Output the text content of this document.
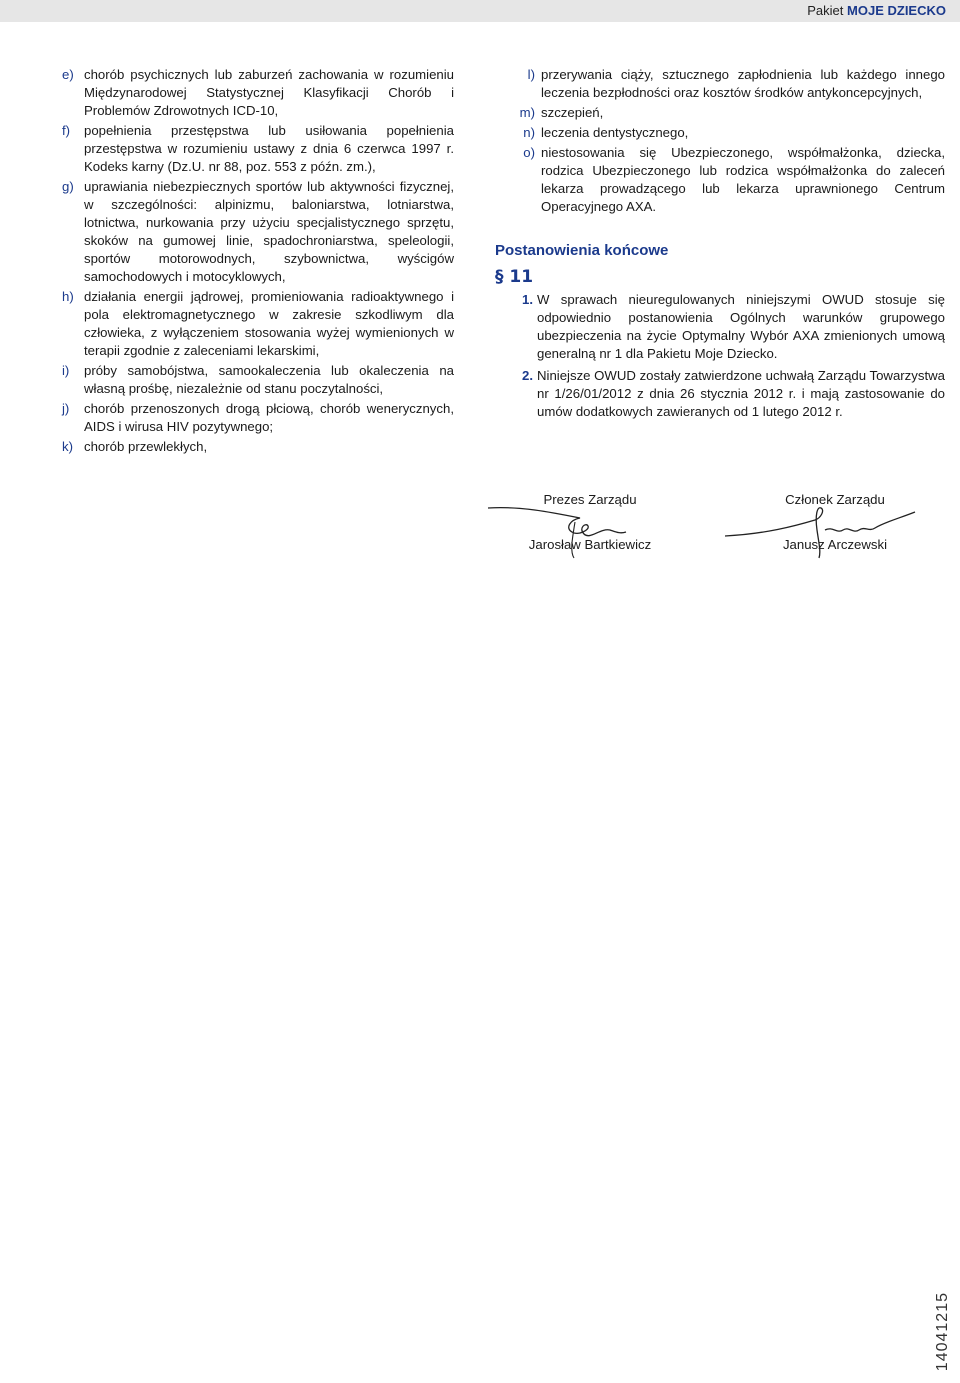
Pakiet MOJE DZIECKO
e) chorób psychicznych lub zaburzeń zachowania w rozumieniu Międzynarodowej Statystycznej Klasyfikacji Chorób i Problemów Zdrowotnych ICD-10,
f)	popełnienia przestępstwa lub usiłowania popełnienia przestępstwa w rozumieniu ustawy z dnia 6 czerwca 1997 r. Kodeks karny (Dz.U. nr 88, poz. 553 z późn. zm.),
g) uprawiania niebezpiecznych sportów lub aktywności fizycznej, w szczególności: alpinizmu, baloniarstwa, lotniarstwa, lotnictwa, nurkowania przy użyciu specjalistycznego sprzętu, skoków na gumowej linie, spadochroniarstwa, speleologii, sportów motorowodnych, szybownictwa, wyścigów samochodowych i motocyklowych,
h) działania energii jądrowej, promieniowania radioaktywnego i pola elektromagnetycznego w zakresie szkodliwym dla człowieka, z wyłączeniem stosowania wyżej wymienionych w terapii zgodnie z zaleceniami lekarskimi,
i)	próby samobójstwa, samookaleczenia lub okaleczenia na własną prośbę, niezależnie od stanu poczytalności,
j)	chorób przenoszonych drogą płciową, chorób wenerycznych, AIDS i wirusa HIV pozytywnego;
k) chorób przewlekłych,
l) przerywania ciąży, sztucznego zapłodnienia lub każdego innego leczenia bezpłodności oraz kosztów środków antykoncepcyjnych,
m) szczepień,
n) leczenia dentystycznego,
o) niestosowania się Ubezpieczonego, współmałżonka, dziecka, rodzica Ubezpieczonego lub rodzica współmałżonka do zaleceń lekarza prowadzącego lub lekarza uprawnionego Centrum Operacyjnego AXA.
Postanowienia końcowe
§ 11
1. W sprawach nieuregulowanych niniejszymi OWUD stosuje się odpowiednio postanowienia Ogólnych warunków grupowego ubezpieczenia na życie Optymalny Wybór AXA zmienionych umową generalną nr 1 dla Pakietu Moje Dziecko.
2. Niniejsze OWUD zostały zatwierdzone uchwałą Zarządu Towarzystwa nr 1/26/01/2012 z dnia 26 stycznia 2012 r. i mają zastosowanie do umów dodatkowych zawieranych od 1 lutego 2012 r.
Prezes Zarządu
Jarosław Bartkiewicz
Członek Zarządu
Janusz Arczewski
14041215
